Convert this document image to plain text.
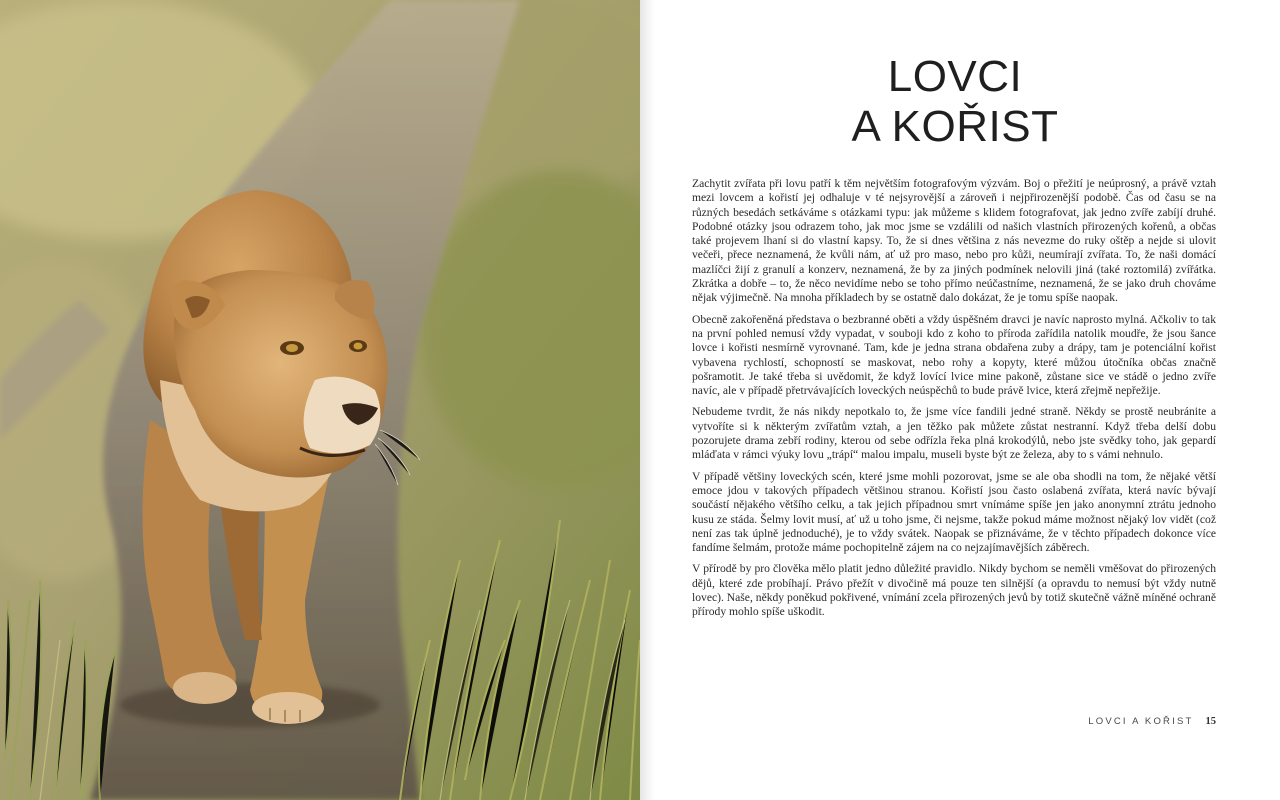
LOVCI
A KOŘIST

Zachytit zvířata při lovu patří k těm největším fotografovým výzvám. Boj o přežití je neúprosný, a právě vztah mezi lovcem a kořistí jej odhaluje v té nejsyrovější a zároveň i nejpřirozenější podobě. Čas od času se na různých besedách setkáváme s otázkami typu: jak můžeme s klidem fotografovat, jak jedno zvíře zabíjí druhé. Podobné otázky jsou odrazem toho, jak moc jsme se vzdálili od našich vlastních přirozených kořenů, a občas také projevem lhaní si do vlastní kapsy. To, že si dnes většina z nás nevezme do ruky oštěp a nejde si ulovit večeři, přece neznamená, že kvůli nám, ať už pro maso, nebo pro kůži, neumírají zvířata. To, že naši domácí mazlíčci žijí z granulí a konzerv, neznamená, že by za jiných podmínek nelovili jiná (také roztomilá) zvířátka. Zkrátka a dobře – to, že něco nevidíme nebo se toho přímo neúčastníme, neznamená, že se jako druh chováme nějak výjimečně. Na mnoha příkladech by se ostatně dalo dokázat, že je tomu spíše naopak.

Obecně zakořeněná představa o bezbranné oběti a vždy úspěšném dravci je navíc naprosto mylná. Ačkoliv to tak na první pohled nemusí vždy vypadat, v souboji kdo z koho to příroda zařídila natolik moudře, že jsou šance lovce i kořisti nesmírně vyrovnané. Tam, kde je jedna strana obdařena zuby a drápy, tam je potenciální kořist vybavena rychlostí, schopností se maskovat, nebo rohy a kopyty, které můžou útočníka občas značně pošramotit. Je také třeba si uvědomit, že když lovící lvice mine pakoně, zůstane sice ve stádě o jedno zvíře navíc, ale v případě přetrvávajících loveckých neúspěchů to bude právě lvice, která zřejmě nepřežije.

Nebudeme tvrdit, že nás nikdy nepotkalo to, že jsme více fandili jedné straně. Někdy se prostě neubránite a vytvoříte si k některým zvířatům vztah, a jen těžko pak můžete zůstat nestranní. Když třeba delší dobu pozorujete drama zebří rodiny, kterou od sebe odřízla řeka plná krokodýlů, nebo jste svědky toho, jak gepardí mláďata v rámci výuky lovu „trápí“ malou impalu, museli byste být ze železa, aby to s vámi nehnulo.

V případě většiny loveckých scén, které jsme mohli pozorovat, jsme se ale oba shodli na tom, že nějaké větší emoce jdou v takových případech většinou stranou. Kořistí jsou často oslabená zvířata, která navíc bývají součástí nějakého většího celku, a tak jejich případnou smrt vnímáme spíše jen jako anonymní ztrátu jednoho kusu ze stáda. Šelmy lovit musí, ať už u toho jsme, či nejsme, takže pokud máme možnost nějaký lov vidět (což není zas tak úplně jednoduché), je to vždy svátek. Naopak se přiznáváme, že v těchto případech dokonce více fandíme šelmám, protože máme pochopitelně zájem na co nejzajímavějších záběrech.

V přírodě by pro člověka mělo platit jedno důležité pravidlo. Nikdy bychom se neměli vměšovat do přirozených dějů, které zde probíhají. Právo přežít v divočině má pouze ten silnější (a opravdu to nemusí být vždy nutně lovec). Naše, někdy poněkud pokřivené, vnímání zcela přirozených jevů by totiž skutečně vážně míněné ochraně přírody mohlo spíše uškodit.

LOVCI A KOŘIST 15
